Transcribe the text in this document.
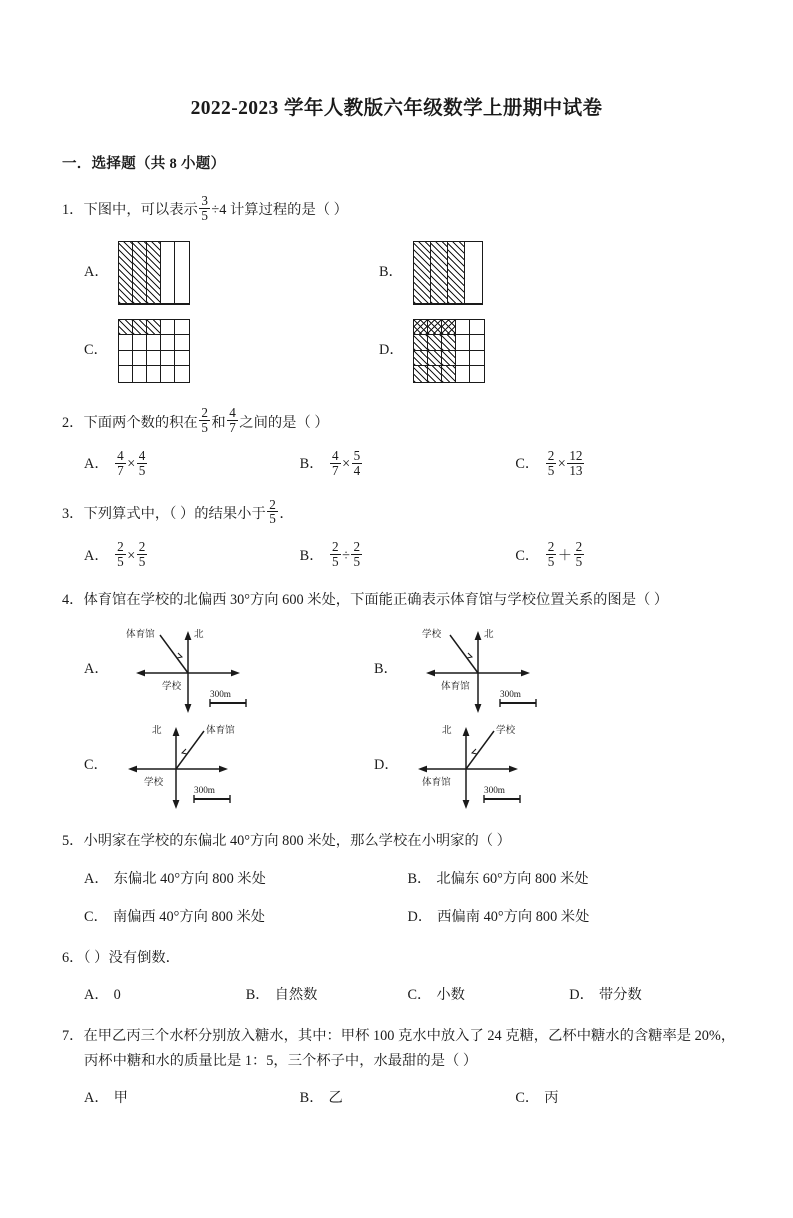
2022-2023 学年人教版六年级数学上册期中试卷
一．选择题（共 8 小题）
1．下图中，可以表示 $\frac{3}{5} \div 4$ 计算过程的是（ ）
A．	B．
C．	D．
2．下面两个数的积在 $\frac{2}{5}$ 和 $\frac{4}{7}$ 之间的是（ ）
A． $\frac{4}{7} \times \frac{4}{5}$	B． $\frac{4}{7} \times \frac{5}{4}$	C． $\frac{2}{5} \times \frac{12}{13}$
3．下列算式中，（ ）的结果小于 $\frac{2}{5}$ ．
A． $\frac{2}{5} \times \frac{2}{5}$	B． $\frac{2}{5} \div \frac{2}{5}$	C． $\frac{2}{5} + \frac{2}{5}$
4．体育馆在学校的北偏西 30°方向 600 米处，下面能正确表示体育馆与学校位置关系的图是（ ）
A．
体育馆	北
学校
300m
B．
学校	北
体育馆
300m
C．
北	体育馆
学校
300m
D．
北	学校
体育馆
300m
5．小明家在学校的东偏北 40°方向 800 米处，那么学校在小明家的（ ）
A． 东偏北 40°方向 800 米处	B． 北偏东 60°方向 800 米处
C． 南偏西 40°方向 800 米处	D． 西偏南 40°方向 800 米处
6．（ ）没有倒数．
A． 0	B． 自然数	C． 小数	D． 带分数
7．在甲乙丙三个水杯分别放入糖水，其中：甲杯 100 克水中放入了 24 克糖，乙杯中糖水的含糖率是 20%，
丙杯中糖和水的质量比是 1：5，三个杯子中，水最甜的是（ ）
A． 甲	B． 乙	C． 丙
